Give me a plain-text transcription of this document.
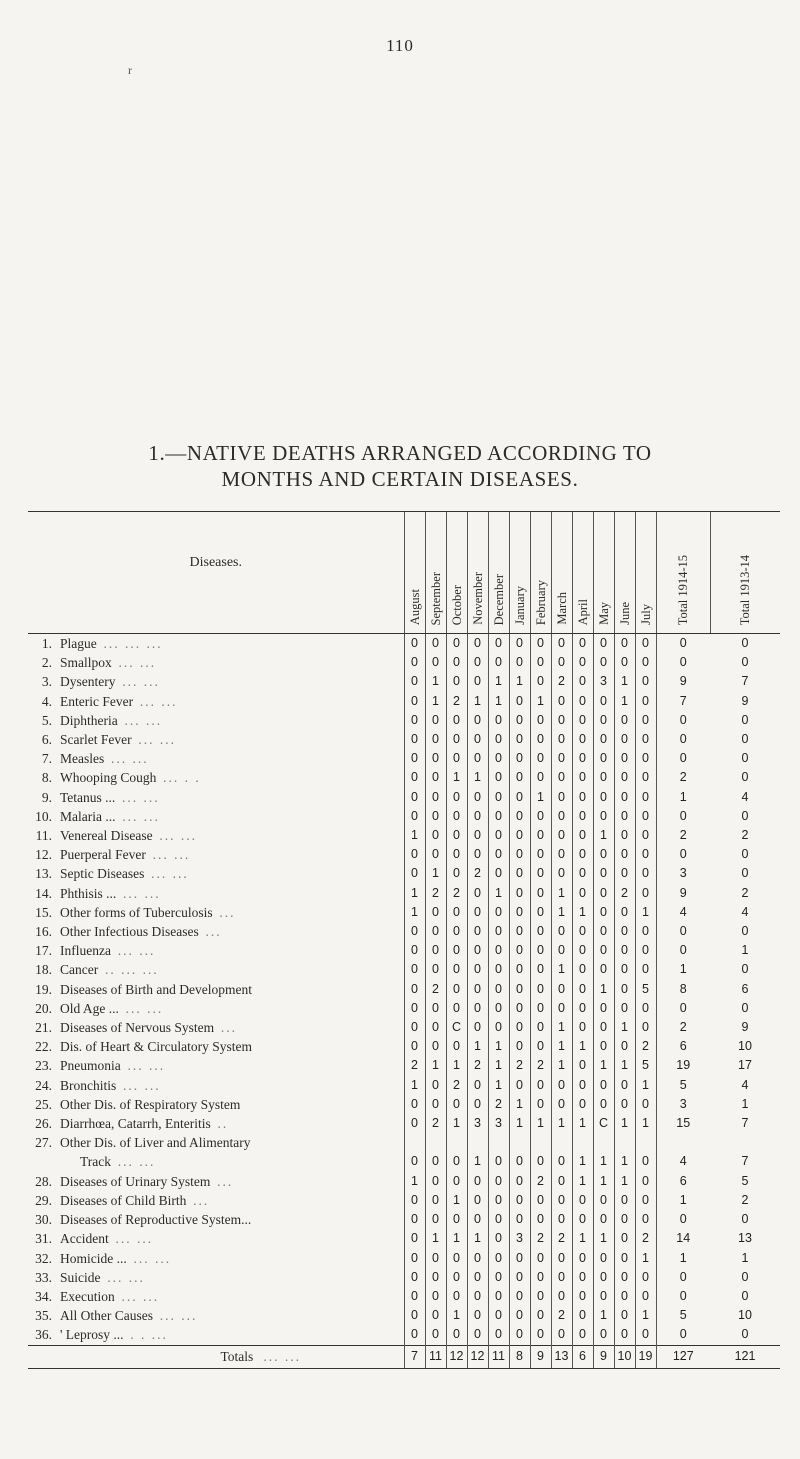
110
r
1.—NATIVE DEATHS ARRANGED ACCORDING TO
MONTHS AND CERTAIN DISEASES.
Diseases.		August	September	October	November	December	January	February	March	April	May	June	July	Total 1914-15	Total 1913-14
1.	Plague ... ... ...	0	0	0	0	0	0	0	0	0	0	0	0	0	0
2.	Smallpox ... ...	0	0	0	0	0	0	0	0	0	0	0	0	0	0
3.	Dysentery ... ...	0	1	0	0	1	1	0	2	0	3	1	0	9	7
4.	Enteric Fever ... ...	0	1	2	1	1	0	1	0	0	0	1	0	7	9
5.	Diphtheria ... ...	0	0	0	0	0	0	0	0	0	0	0	0	0	0
6.	Scarlet Fever ... ...	0	0	0	0	0	0	0	0	0	0	0	0	0	0
7.	Measles ... ...	0	0	0	0	0	0	0	0	0	0	0	0	0	0
8.	Whooping Cough ... . .	0	0	1	1	0	0	0	0	0	0	0	0	2	0
9.	Tetanus ... ... ...	0	0	0	0	0	0	1	0	0	0	0	0	1	4
10.	Malaria ... ... ...	0	0	0	0	0	0	0	0	0	0	0	0	0	0
11.	Venereal Disease ... ...	1	0	0	0	0	0	0	0	0	1	0	0	2	2
12.	Puerperal Fever ... ...	0	0	0	0	0	0	0	0	0	0	0	0	0	0
13.	Septic Diseases ... ...	0	1	0	2	0	0	0	0	0	0	0	0	3	0
14.	Phthisis ... ... ...	1	2	2	0	1	0	0	1	0	0	2	0	9	2
15.	Other forms of Tuberculosis ...	1	0	0	0	0	0	0	1	1	0	0	1	4	4
16.	Other Infectious Diseases ...	0	0	0	0	0	0	0	0	0	0	0	0	0	0
17.	Influenza ... ...	0	0	0	0	0	0	0	0	0	0	0	0	0	1
18.	Cancer .. ... ...	0	0	0	0	0	0	0	1	0	0	0	0	1	0
19.	Diseases of Birth and Development	0	2	0	0	0	0	0	0	0	1	0	5	8	6
20.	Old Age ... ... ...	0	0	0	0	0	0	0	0	0	0	0	0	0	0
21.	Diseases of Nervous System ...	0	0	C	0	0	0	0	1	0	0	1	0	2	9
22.	Dis. of Heart & Circulatory System	0	0	0	1	1	0	0	1	1	0	0	2	6	10
23.	Pneumonia ... ...	2	1	1	2	1	2	2	1	0	1	1	5	19	17
24.	Bronchitis ... ...	1	0	2	0	1	0	0	0	0	0	0	1	5	4
25.	Other Dis. of Respiratory System	0	0	0	0	2	1	0	0	0	0	0	0	3	1
26.	Diarrhœa, Catarrh, Enteritis ..	0	2	1	3	3	1	1	1	1	C	1	1	15	7
27.	Other Dis. of Liver and Alimentary														
	Track ... ...	0	0	0	1	0	0	0	0	1	1	1	0	4	7
28.	Diseases of Urinary System ...	1	0	0	0	0	0	2	0	1	1	1	0	6	5
29.	Diseases of Child Birth ...	0	0	1	0	0	0	0	0	0	0	0	0	1	2
30.	Diseases of Reproductive System...	0	0	0	0	0	0	0	0	0	0	0	0	0	0
31.	Accident ... ...	0	1	1	1	0	3	2	2	1	1	0	2	14	13
32.	Homicide ... ... ...	0	0	0	0	0	0	0	0	0	0	0	1	1	1
33.	Suicide ... ...	0	0	0	0	0	0	0	0	0	0	0	0	0	0
34.	Execution ... ...	0	0	0	0	0	0	0	0	0	0	0	0	0	0
35.	All Other Causes ... ...	0	0	1	0	0	0	0	2	0	1	0	1	5	10
36.	' Leprosy ... . . ...	0	0	0	0	0	0	0	0	0	0	0	0	0	0
	Totals ... ...	7	11	12	12	11	8	9	13	6	9	10	19	127	121
